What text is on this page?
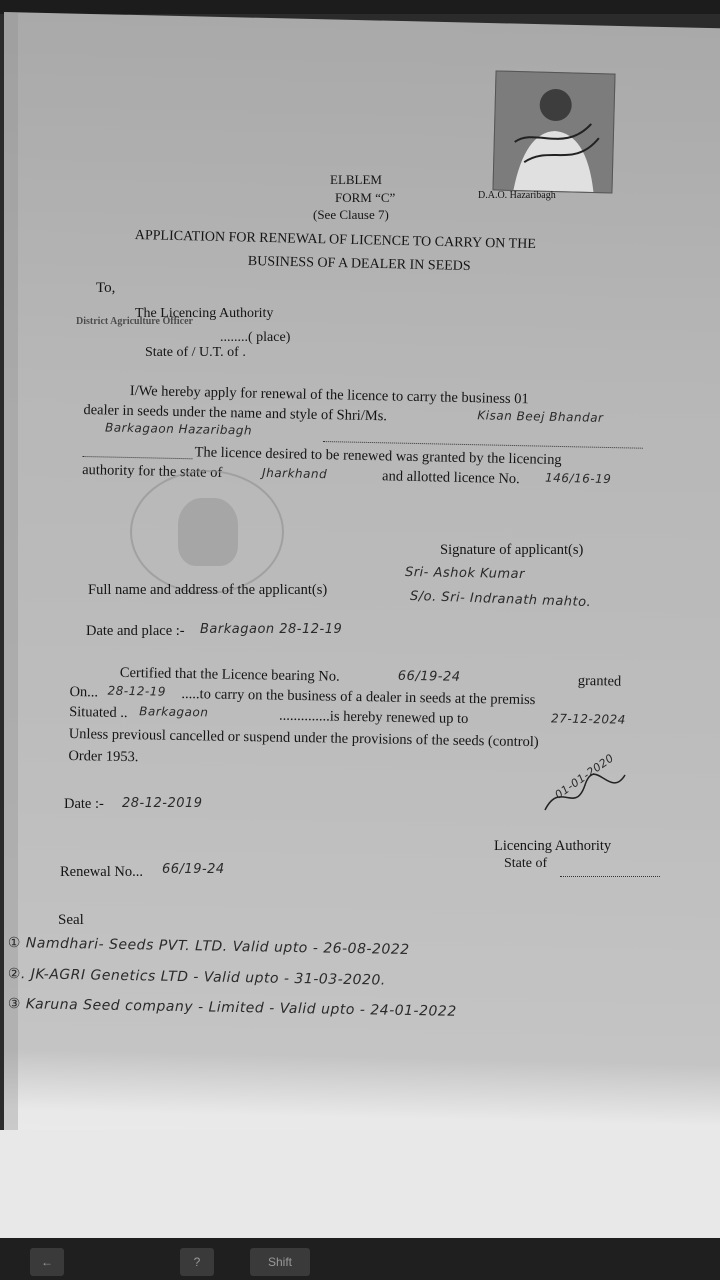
D.A.O. Hazaribagh
ELBLEM
FORM “C”
(See Clause 7)
APPLICATION FOR RENEWAL OF LICENCE TO CARRY ON THE
BUSINESS OF A DEALER IN SEEDS
To,
The Licencing Authority
District Agriculture Officer
........( place)
State of / U.T. of .
I/We hereby apply for renewal of the licence to carry the business 01
dealer in seeds under the name and style of Shri/Ms.	Kisan Beej Bhandar
Barkagaon Hazaribagh
The licence desired to be renewed was granted by the licencing
authority for the state of	Jharkhand	and allotted licence No. 146/16-19
Signature of applicant(s)
Sri- Ashok Kumar
Full name and address of the applicant(s)	S/o. Sri- Indranath mahto.
Date and place :- Barkagaon 28-12-19
Certified that the Licence bearing No.	66/19-24	granted
On... 28-12-19 .....to carry on the business of a dealer in seeds at the premiss
Situated .. Barkagaon	..............is hereby renewed up to	27-12-2024
Unless previousl cancelled or suspend under the provisions of the seeds (control)
Order 1953.
Date :- 28-12-2019
01-01-2020
Licencing Authority
State of
Renewal No... 66/19-24
Seal
① Namdhari- Seeds PVT. LTD. Valid upto - 26-08-2022
②. JK-AGRI Genetics LTD - Valid upto - 31-03-2020.
③ Karuna Seed company - Limited - Valid upto - 24-01-2022
←	?	Shift
